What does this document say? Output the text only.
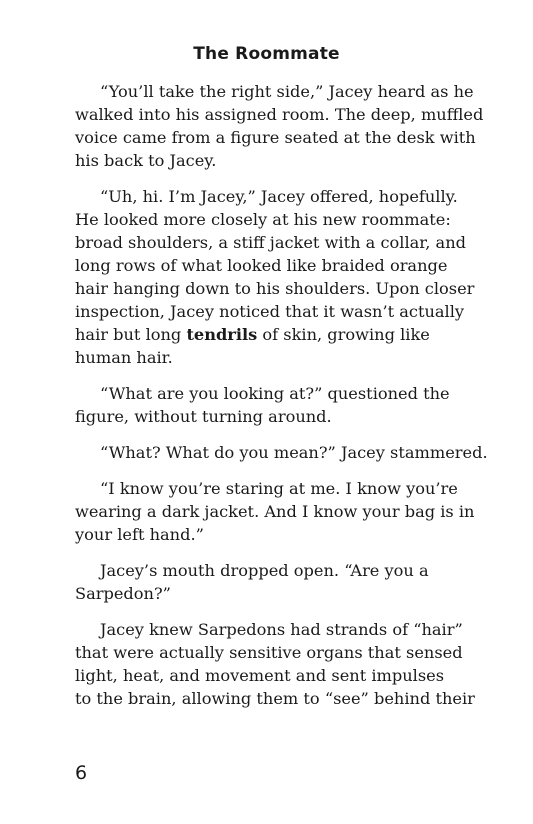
The Roommate

“You’ll take the right side,” Jacey heard as he
walked into his assigned room. The deep, muffled
voice came from a figure seated at the desk with
his back to Jacey.

“Uh, hi. I’m Jacey,” Jacey offered, hopefully.
He looked more closely at his new roommate:
broad shoulders, a stiff jacket with a collar, and
long rows of what looked like braided orange
hair hanging down to his shoulders. Upon closer
inspection, Jacey noticed that it wasn’t actually
hair but long tendrils of skin, growing like
human hair.

“What are you looking at?” questioned the
figure, without turning around.

“What? What do you mean?” Jacey stammered.

“I know you’re staring at me. I know you’re
wearing a dark jacket. And I know your bag is in
your left hand.”

Jacey’s mouth dropped open. “Are you a
Sarpedon?”

Jacey knew Sarpedons had strands of “hair”
that were actually sensitive organs that sensed
light, heat, and movement and sent impulses
to the brain, allowing them to “see” behind their

6
